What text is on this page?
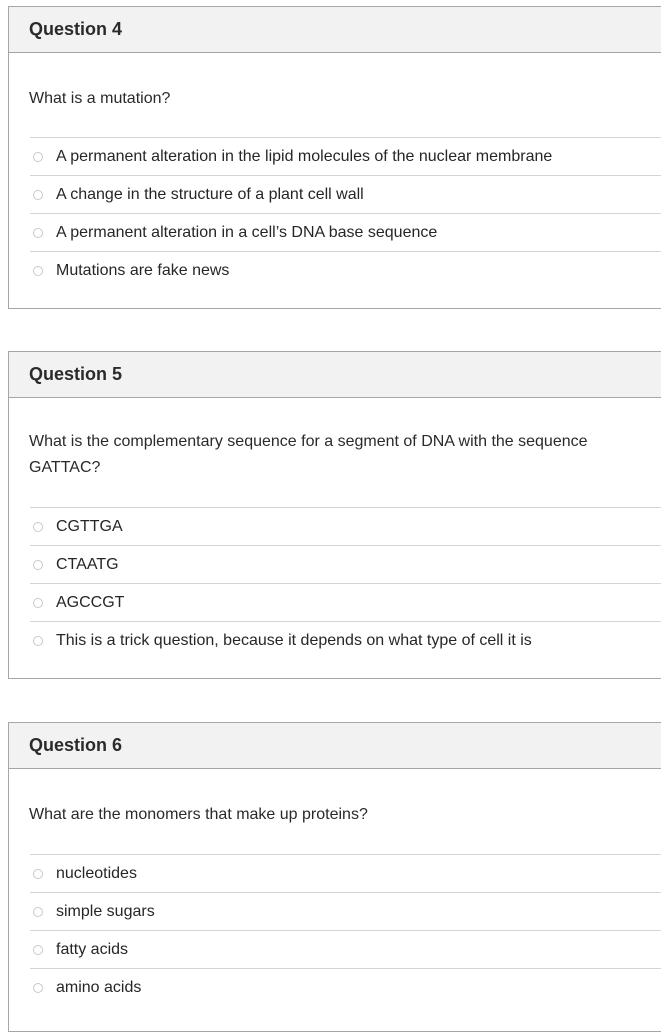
Question 4
What is a mutation?
A permanent alteration in the lipid molecules of the nuclear membrane
A change in the structure of a plant cell wall
A permanent alteration in a cell’s DNA base sequence
Mutations are fake news
Question 5
What is the complementary sequence for a segment of DNA with the sequence GATTAC?
CGTTGA
CTAATG
AGCCGT
This is a trick question, because it depends on what type of cell it is
Question 6
What are the monomers that make up proteins?
nucleotides
simple sugars
fatty acids
amino acids
